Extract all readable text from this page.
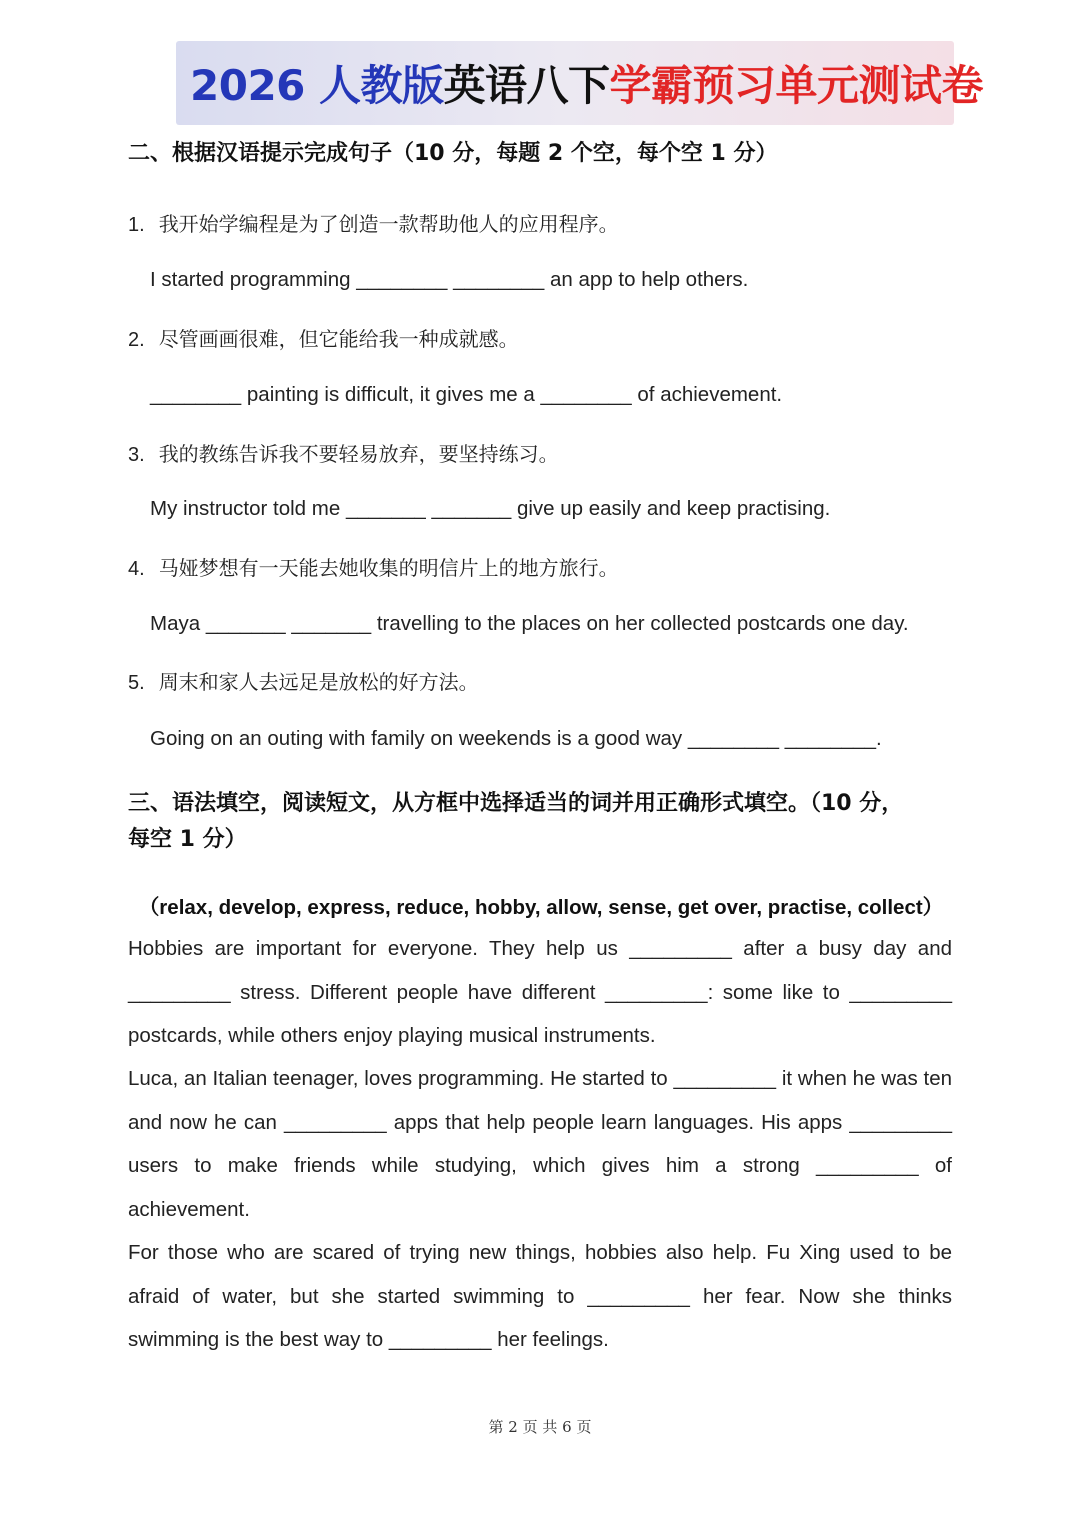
2026 人教版英语八下学霸预习单元测试卷
二、根据汉语提示完成句子（10 分，每题 2 个空，每个空 1 分）
1. 我开始学编程是为了创造一款帮助他人的应用程序。
I started programming ________ ________ an app to help others.
2. 尽管画画很难，但它能给我一种成就感。
________ painting is difficult, it gives me a ________ of achievement.
3. 我的教练告诉我不要轻易放弃，要坚持练习。
My instructor told me _______ _______ give up easily and keep practising.
4. 马娅梦想有一天能去她收集的明信片上的地方旅行。
Maya _______ _______ travelling to the places on her collected postcards one day.
5. 周末和家人去远足是放松的好方法。
Going on an outing with family on weekends is a good way ________ ________.
三、语法填空，阅读短文，从方框中选择适当的词并用正确形式填空。（10 分，
每空 1 分）
（relax, develop, express, reduce, hobby, allow, sense, get over, practise, collect）
Hobbies are important for everyone. They help us _________ after a busy day and _________ stress. Different people have different _________: some like to _________ postcards, while others enjoy playing musical instruments.
Luca, an Italian teenager, loves programming. He started to _________ it when he was ten and now he can _________ apps that help people learn languages. His apps _________ users to make friends while studying, which gives him a strong _________ of achievement.
For those who are scared of trying new things, hobbies also help. Fu Xing used to be afraid of water, but she started swimming to _________ her fear. Now she thinks swimming is the best way to _________ her feelings.
第 2 页 共 6 页
